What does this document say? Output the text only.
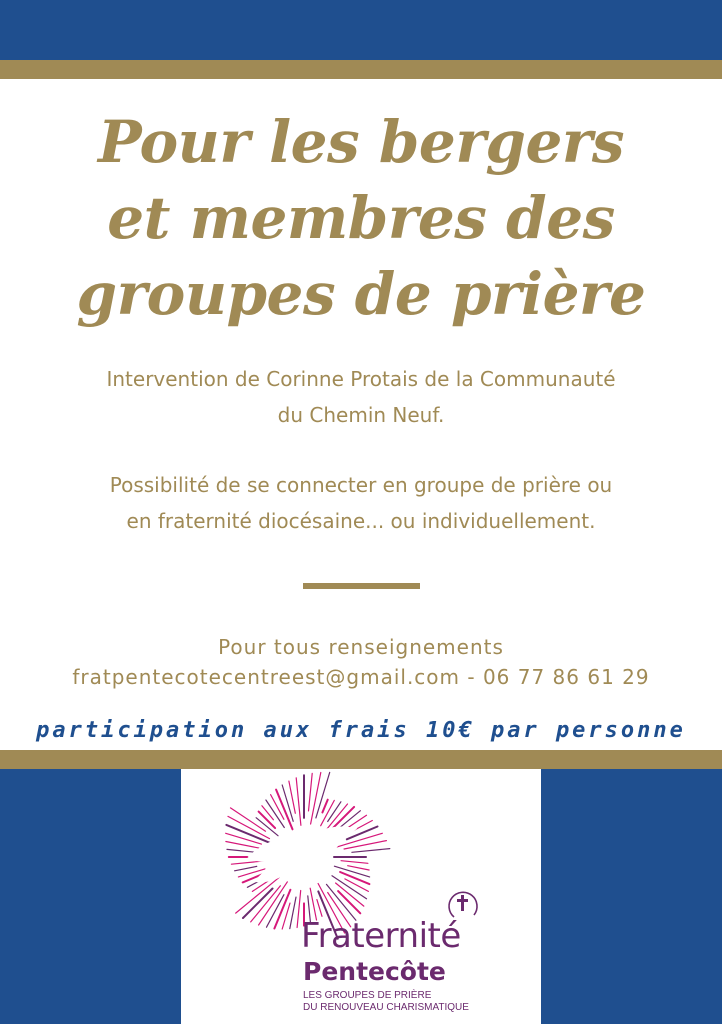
Pour les bergers
et membres des
groupes de prière
Intervention de Corinne Protais de la Communauté
du Chemin Neuf.
Possibilité de se connecter en groupe de prière ou
en fraternité diocésaine... ou individuellement.
Pour tous renseignements
fratpentecotecentreest@gmail.com - 06 77 86 61 29
participation aux frais 10€ par personne
Fraternité
Pentecôte
LES GROUPES DE PRIÈRE
DU RENOUVEAU CHARISMATIQUE
